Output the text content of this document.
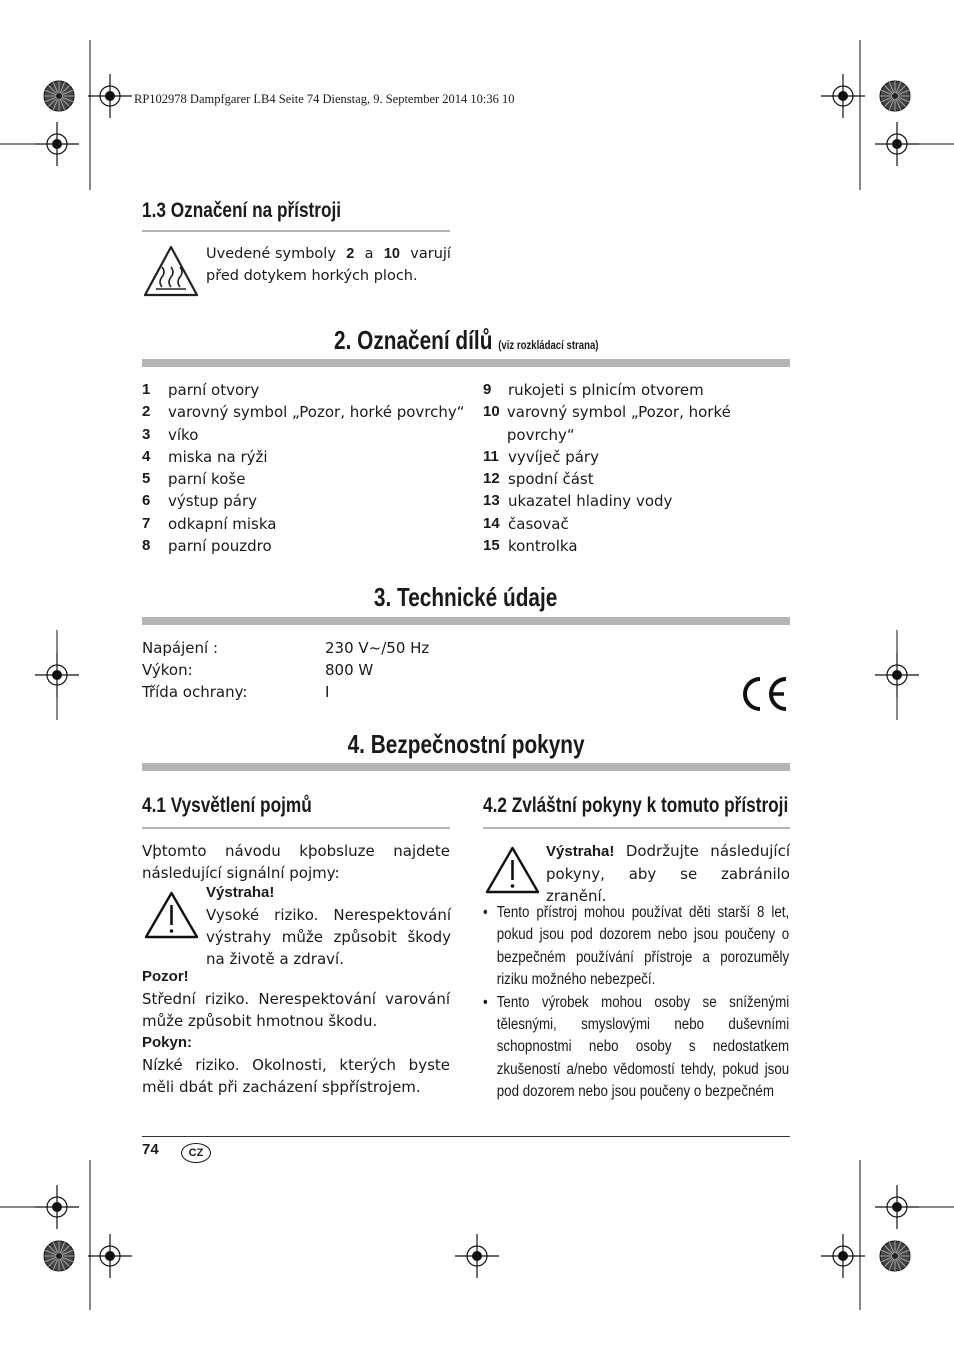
RP102978 Dampfgarer LB4 Seite 74 Dienstag, 9. September 2014 10:36 10
1.3 Označení na přístroji
Uvedené symboly 2 a 10 varují
před dotykem horkých ploch.
2. Označení dílů (viz rozkládací strana)
1	parní otvory
2	varovný symbol „Pozor, horké povrchy“
3	víko
4	miska na rýži
5	parní koše
6	výstup páry
7	odkapní miska
8	parní pouzdro
9	rukojeti s plnicím otvorem
10 varovný symbol „Pozor, horké povrchy“
11 vyvíječ páry
12 spodní část
13 ukazatel hladiny vody
14 časovač
15 kontrolka
3. Technické údaje
Napájení :	230 V~/50 Hz
Výkon:	800 W
Třída ochrany:	I
4. Bezpečnostní pokyny
4.1 Vysvětlení pojmů
Vþtomto návodu kþobsluze najdete následující signální pojmy:
Výstraha!
Vysoké riziko. Nerespektování výstrahy může způsobit škody na životě a zdraví.
Pozor!
Střední riziko. Nerespektování varování může způsobit hmotnou škodu.
Pokyn:
Nízké riziko. Okolnosti, kterých byste měli dbát při zacházení sþpřístrojem.
4.2 Zvláštní pokyny k tomuto přístroji
Výstraha! Dodržujte následující pokyny, aby se zabránilo zranění.
• Tento přístroj mohou používat děti starší 8 let, pokud jsou pod dozorem nebo jsou poučeny o bezpečném používání přístroje a porozuměly riziku možného nebezpečí.
• Tento výrobek mohou osoby se sníženými tělesnými, smyslovými nebo duševními schopnostmi nebo osoby s nedostatkem zkušeností a/nebo vědomostí tehdy, pokud jsou pod dozorem nebo jsou poučeny o bezpečném
74	CZ
